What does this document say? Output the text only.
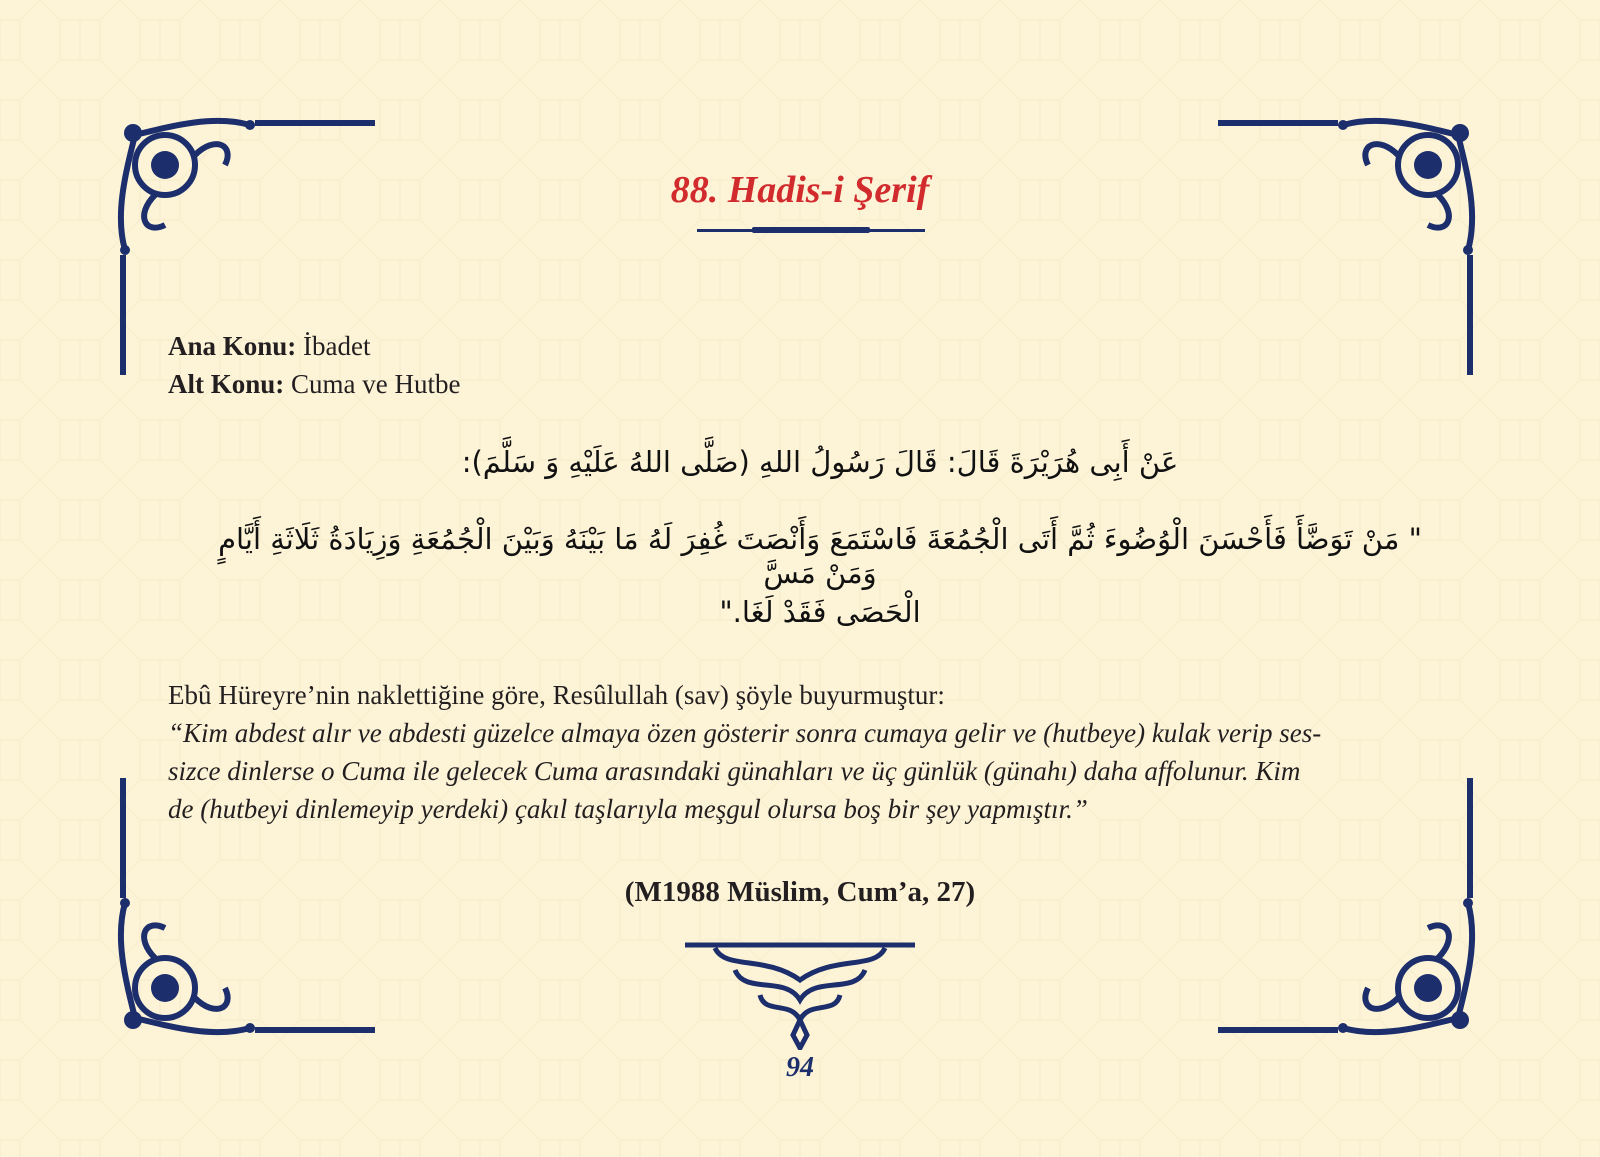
88. Hadis-i Şerif
Ana Konu: İbadet
Alt Konu: Cuma ve Hutbe
عَنْ أَبِى هُرَيْرَةَ قَالَ: قَالَ رَسُولُ اللهِ (صَلَّى اللهُ عَلَيْهِ وَ سَلَّمَ):
" مَنْ تَوَضَّأَ فَأَحْسَنَ الْوُضُوءَ ثُمَّ أَتَى الْجُمُعَةَ فَاسْتَمَعَ وَأَنْصَتَ غُفِرَ لَهُ مَا بَيْنَهُ وَبَيْنَ الْجُمُعَةِ وَزِيَادَةُ ثَلَاثَةِ أَيَّامٍ وَمَنْ مَسَّ
الْحَصَى فَقَدْ لَغَا."
Ebû Hüreyre’nin naklettiğine göre, Resûlullah (sav) şöyle buyurmuştur:
“Kim abdest alır ve abdesti güzelce almaya özen gösterir sonra cumaya gelir ve (hutbeye) kulak verip ses-
sizce dinlerse o Cuma ile gelecek Cuma arasındaki günahları ve üç günlük (günahı) daha affolunur. Kim
de (hutbeyi dinlemeyip yerdeki) çakıl taşlarıyla meşgul olursa boş bir şey yapmıştır.”
(M1988 Müslim, Cum’a, 27)
94
